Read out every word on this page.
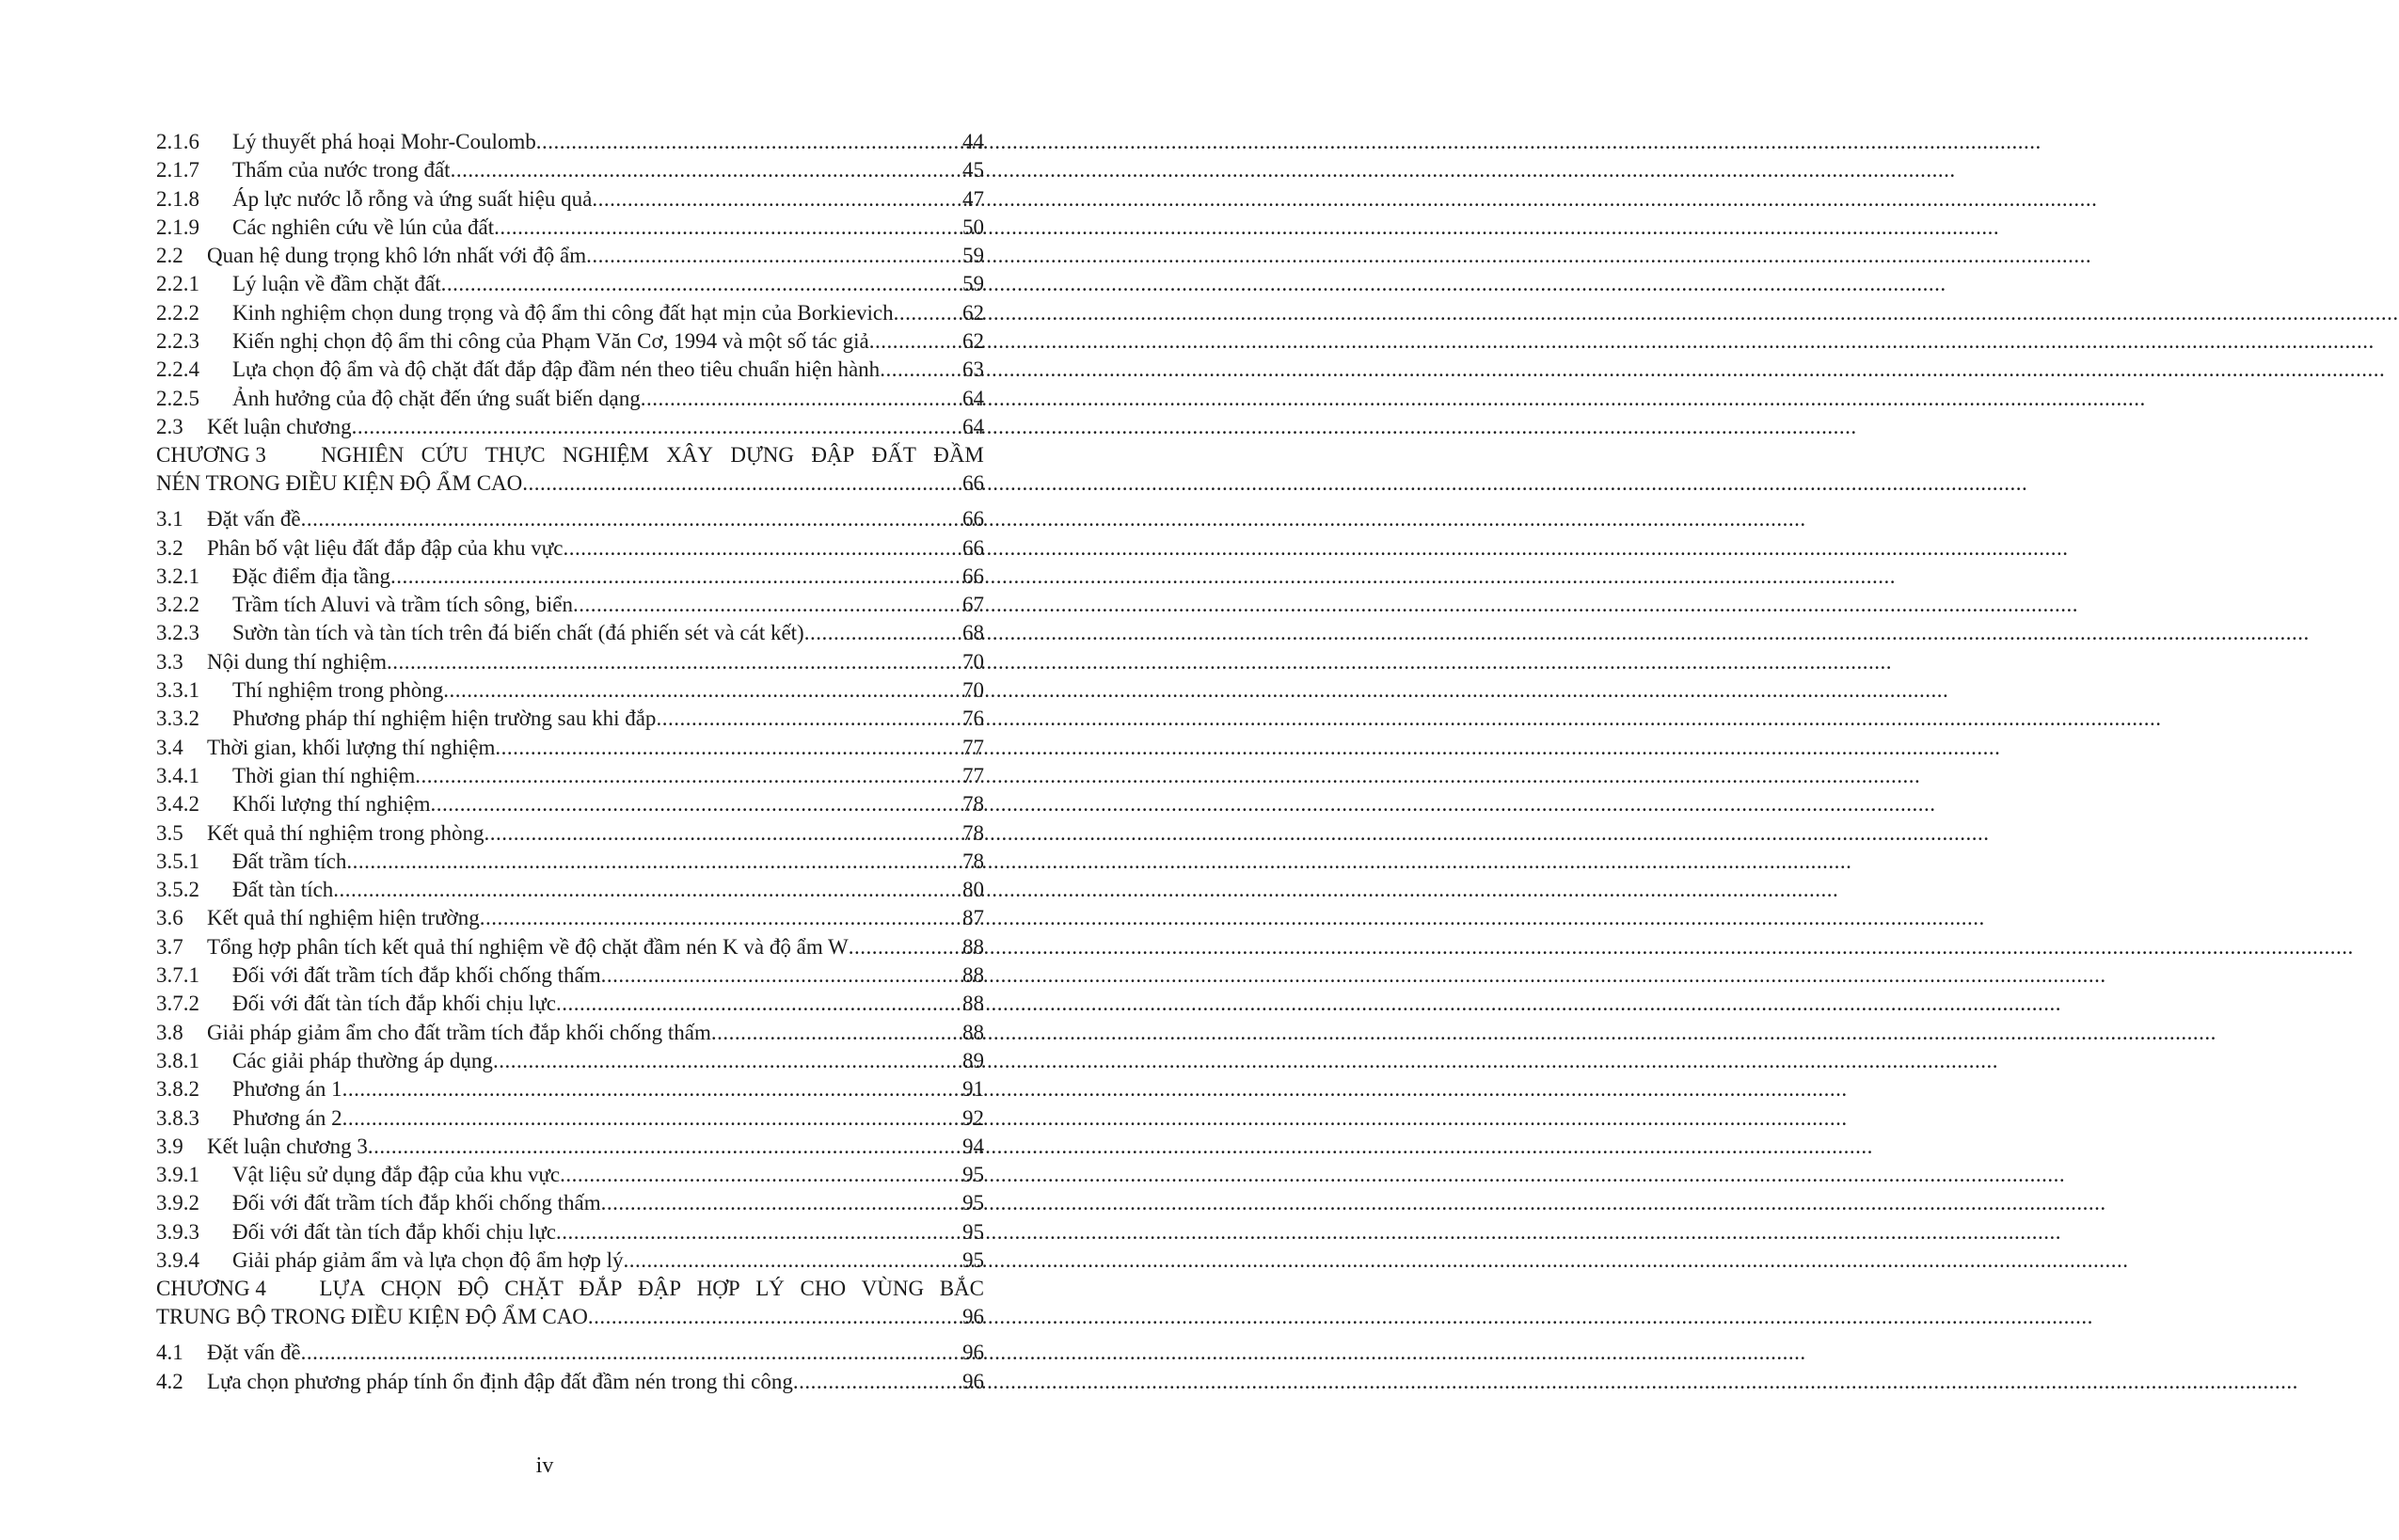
2.1.6	Lý thuyết phá hoại Mohr-Coulomb .....	44
2.1.7	Thấm của nước trong đất .....	45
2.1.8	Áp lực nước lỗ rỗng và ứng suất hiệu quả .....	47
2.1.9	Các nghiên cứu về lún của đất .....	50
2.2	Quan hệ dung trọng khô lớn nhất với độ ẩm .....	59
2.2.1	Lý luận về đầm chặt đất .....	59
2.2.2	Kinh nghiệm chọn dung trọng và độ ẩm thi công đất hạt mịn của Borkievich .....	62
2.2.3	Kiến nghị chọn độ ẩm thi công của Phạm Văn Cơ, 1994 và một số tác giả .....	62
2.2.4	Lựa chọn độ ẩm và độ chặt đất đắp đập đầm nén theo tiêu chuẩn hiện hành .....	63
2.2.5	Ảnh hưởng của độ chặt đến ứng suất biến dạng .....	64
2.3	Kết luận chương .....	64
CHƯƠNG 3	NGHIÊN CỨU THỰC NGHIỆM XÂY DỰNG ĐẬP ĐẤT ĐẦM
NÉN TRONG ĐIỀU KIỆN ĐỘ ẨM CAO .....	66
3.1	Đặt vấn đề .....	66
3.2	Phân bố vật liệu đất đắp đập của khu vực .....	66
3.2.1	Đặc điểm địa tầng .....	66
3.2.2	Trầm tích Aluvi và trầm tích sông, biển .....	67
3.2.3	Sườn tàn tích và tàn tích trên đá biến chất (đá phiến sét và cát kết) .....	68
3.3	Nội dung thí nghiệm .....	70
3.3.1	Thí nghiệm trong phòng .....	70
3.3.2	Phương pháp thí nghiệm hiện trường sau khi đắp .....	76
3.4	Thời gian, khối lượng thí nghiệm .....	77
3.4.1	Thời gian thí nghiệm .....	77
3.4.2	Khối lượng thí nghiệm .....	78
3.5	Kết quả thí nghiệm trong phòng .....	78
3.5.1	Đất trầm tích .....	78
3.5.2	Đất tàn tích .....	80
3.6	Kết quả thí nghiệm hiện trường .....	87
3.7	Tổng hợp phân tích kết quả thí nghiệm về độ chặt đầm nén K và độ ẩm W .....	88
3.7.1	Đối với đất trầm tích đắp khối chống thấm .....	88
3.7.2	Đối với đất tàn tích đắp khối chịu lực .....	88
3.8	Giải pháp giảm ẩm cho đất trầm tích đắp khối chống thấm .....	88
3.8.1	Các giải pháp thường áp dụng .....	89
3.8.2	Phương án 1 .....	91
3.8.3	Phương án 2 .....	92
3.9	Kết luận chương 3 .....	94
3.9.1	Vật liệu sử dụng đắp đập của khu vực .....	95
3.9.2	Đối với đất trầm tích đắp khối chống thấm .....	95
3.9.3	Đối với đất tàn tích đắp khối chịu lực .....	95
3.9.4	Giải pháp giảm ẩm và lựa chọn độ ẩm hợp lý .....	95
CHƯƠNG 4 LỰA CHỌN ĐỘ CHẶT ĐẮP ĐẬP HỢP LÝ CHO VÙNG BẮC
TRUNG BỘ TRONG ĐIỀU KIỆN ĐỘ ẨM CAO .....	96
4.1	Đặt vấn đề .....	96
4.2	Lựa chọn phương pháp tính ổn định đập đất đầm nén trong thi công .....	96
iv
